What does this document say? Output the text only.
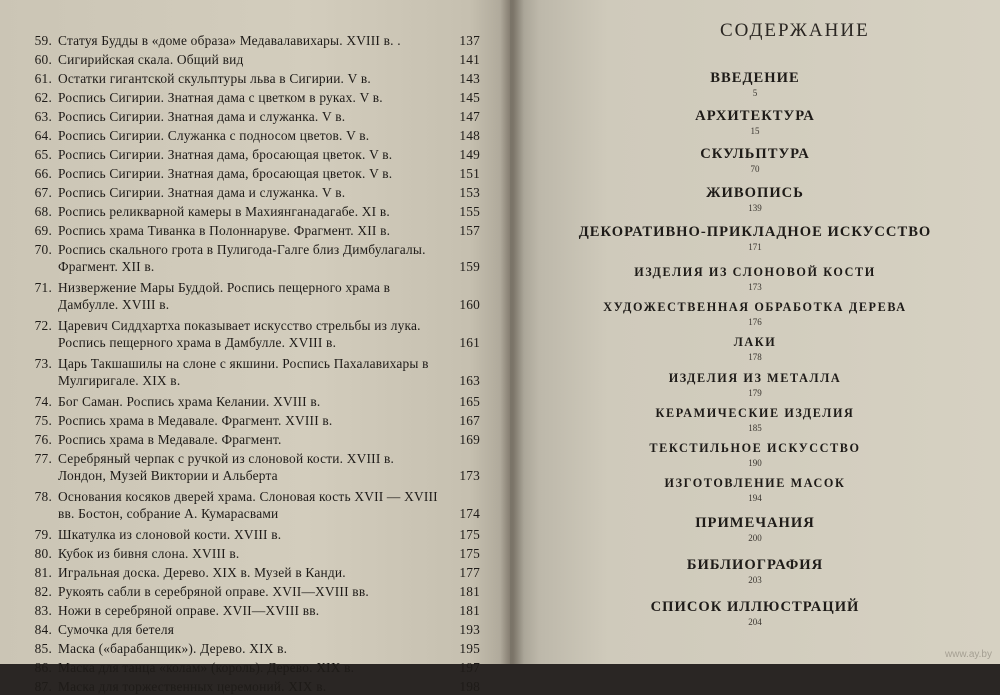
59. Статуя Будды в «доме образа» Медавалавихары. XVIII в. .	137
60. Сигирийская скала. Общий вид	141
61. Остатки гигантской скульптуры льва в Сигирии. V в.	143
62. Роспись Сигирии. Знатная дама с цветком в руках. V в.	145
63. Роспись Сигирии. Знатная дама и служанка. V в.	147
64. Роспись Сигирии. Служанка с подносом цветов. V в.	148
65. Роспись Сигирии. Знатная дама, бросающая цветок. V в.	149
66. Роспись Сигирии. Знатная дама, бросающая цветок. V в.	151
67. Роспись Сигирии. Знатная дама и служанка. V в.	153
68. Роспись реликварной камеры в Махиянганадагабе. XI в.	155
69. Роспись храма Тиванка в Полоннаруве. Фрагмент. XII в.	157
70. Роспись скального грота в Пулигода-Галге близ Димбулагалы. Фрагмент. XII в.	159
71. Низвержение Мары Буддой. Роспись пещерного храма в Дамбулле. XVIII в.	160
72. Царевич Сиддхартха показывает искусство стрельбы из лука. Роспись пещерного храма в Дамбулле. XVIII в.	161
73. Царь Такшашилы на слоне с якшини. Роспись Пахалавихары в Мулгиригале. XIX в.	163
74. Бог Саман. Роспись храма Келании. XVIII в.	165
75. Роспись храма в Медавале. Фрагмент. XVIII в.	167
76. Роспись храма в Медавале. Фрагмент.	169
77. Серебряный черпак с ручкой из слоновой кости. XVIII в. Лондон, Музей Виктории и Альберта	173
78. Основания косяков дверей храма. Слоновая кость XVII — XVIII вв. Бостон, собрание А. Кумарасвами	174
79. Шкатулка из слоновой кости. XVIII в.	175
80. Кубок из бивня слона. XVIII в.	175
81. Игральная доска. Дерево. XIX в. Музей в Канди.	177
82. Рукоять сабли в серебряной оправе. XVII—XVIII вв.	181
83. Ножи в серебряной оправе. XVII—XVIII вв.	181
84. Сумочка для бетеля	193
85. Маска («барабанщик»). Дерево. XIX в.	195
86. Маска для танца «колам» (король). Дерево. XIX в.	197
87. Маска для торжественных церемоний. XIX в.	198
СОДЕРЖАНИЕ
ВВЕДЕНИЕ
5
АРХИТЕКТУРА
15
СКУЛЬПТУРА
70
ЖИВОПИСЬ
139
ДЕКОРАТИВНО-ПРИКЛАДНОЕ ИСКУССТВО
171
ИЗДЕЛИЯ ИЗ СЛОНОВОЙ КОСТИ
173
ХУДОЖЕСТВЕННАЯ ОБРАБОТКА ДЕРЕВА
176
ЛАКИ
178
ИЗДЕЛИЯ ИЗ МЕТАЛЛА
179
КЕРАМИЧЕСКИЕ ИЗДЕЛИЯ
185
ТЕКСТИЛЬНОЕ ИСКУССТВО
190
ИЗГОТОВЛЕНИЕ МАСОК
194
ПРИМЕЧАНИЯ
200
БИБЛИОГРАФИЯ
203
СПИСОК ИЛЛЮСТРАЦИЙ
204
www.ay.by
